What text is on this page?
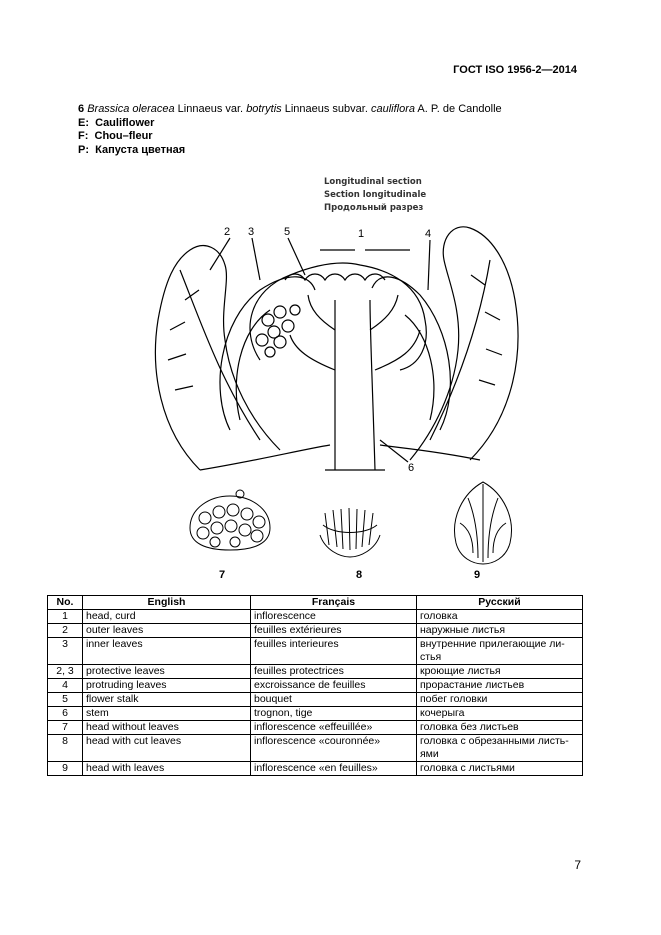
ГОСТ ISO 1956-2—2014
6 Brassica oleracea Linnaeus var. botrytis Linnaeus subvar. cauliflora A. P. de Candolle
E: Cauliflower
F: Chou–fleur
P: Капуста цветная
Longitudinal section
Section longitudinale
Продольный разрез
2 3	5	1	4
6
7	8	9
No.	English	Français	Русский
1	head, curd	inflorescence	головка
2	outer leaves	feuilles extérieures	наружные листья
3	inner leaves	feuilles interieures	внутренние прилегающие ли-стья
2, 3	protective leaves	feuilles protectrices	кроющие листья
4	protruding leaves	excroissance de feuilles	прорастание листьев
5	flower stalk	bouquet	побег головки
6	stem	trognon, tige	кочерыга
7	head without leaves	inflorescence «effeuillée»	головка без листьев
8	head with cut leaves	inflorescence «couronnée»	головка с обрезанными листь-ями
9	head with leaves	inflorescence «en feuilles»	головка с листьями
7
